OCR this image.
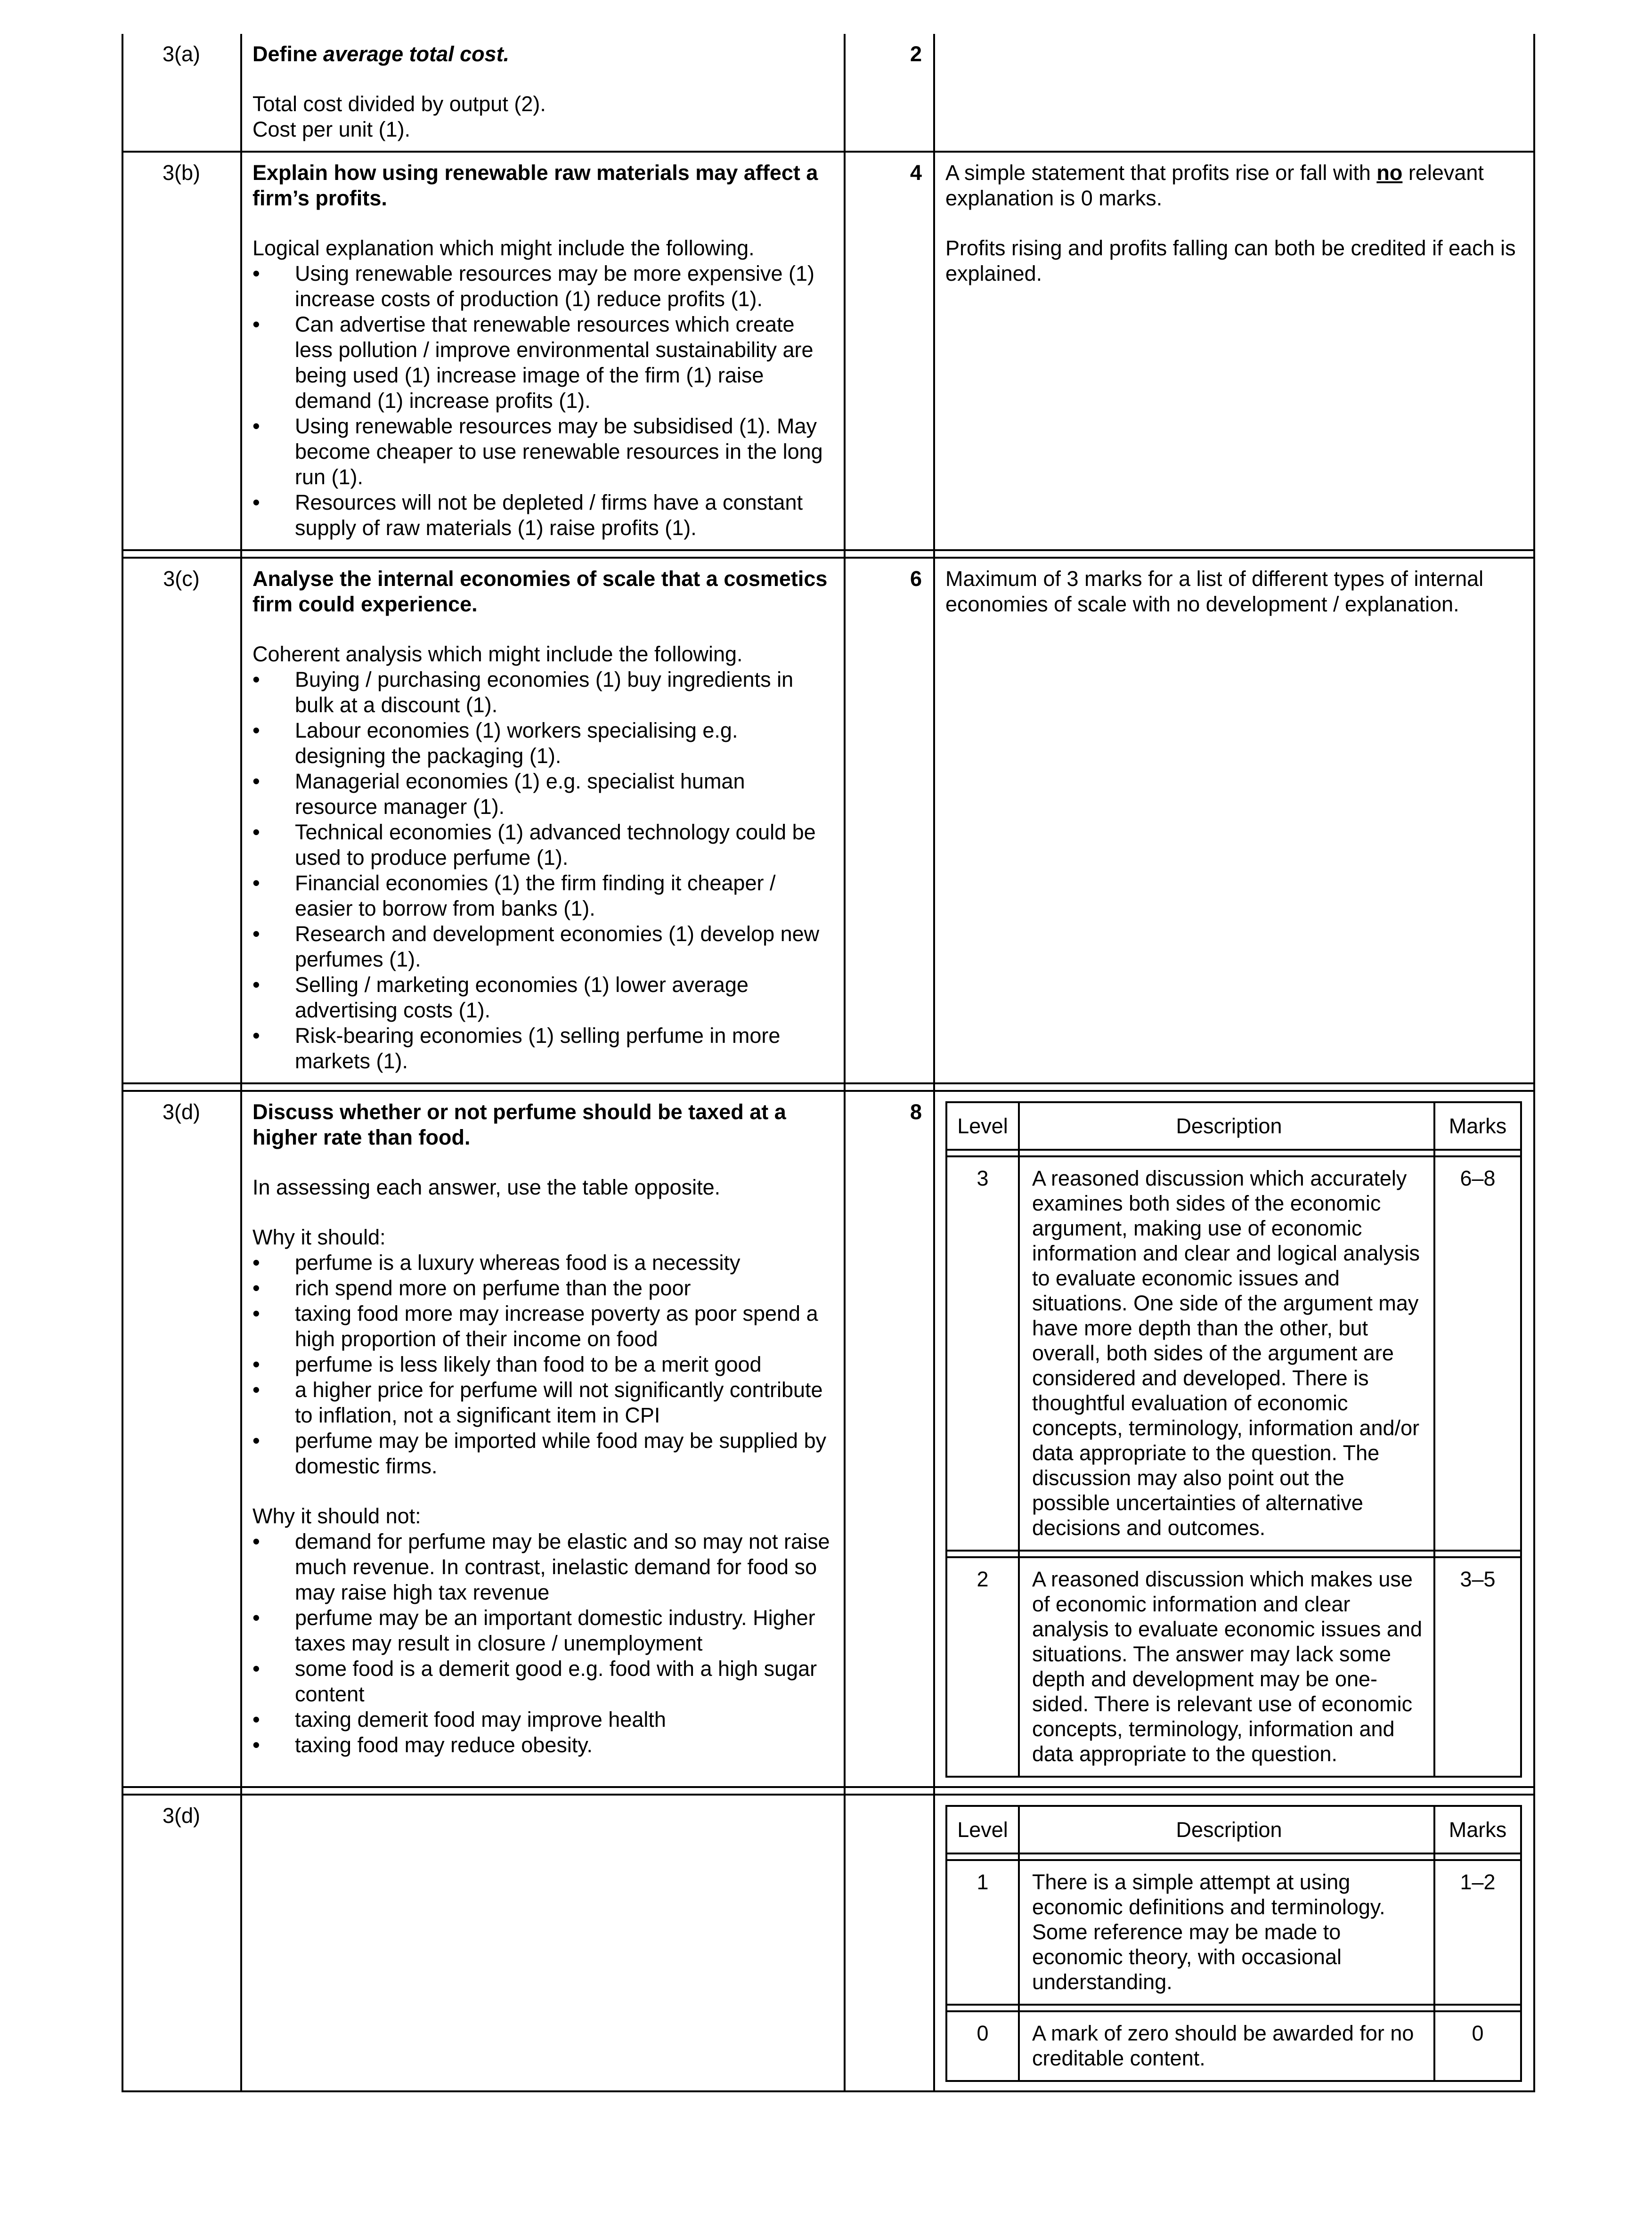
3(a)	Define average total cost.

Total cost divided by output (2).

Cost per unit (1).

	2	
3(b)	Explain how using renewable raw materials may affect a firm’s profits.

Logical explanation which might include the following.

• Using renewable resources may be more expensive (1) increase costs of production (1) reduce profits (1).
• Can advertise that renewable resources which create less pollution / improve environmental sustainability are being used (1) increase image of the firm (1) raise demand (1) increase profits (1).
• Using renewable resources may be subsidised (1). May become cheaper to use renewable resources in the long run (1).
• Resources will not be depleted / firms have a constant supply of raw materials (1) raise profits (1).
	4	A simple statement that profits rise or fall with no relevant explanation is 0 marks.

Profits rising and profits falling can both be credited if each is explained.

3(c)	Analyse the internal economies of scale that a cosmetics firm could experience.

Coherent analysis which might include the following.

• Buying / purchasing economies (1) buy ingredients in bulk at a discount (1).
• Labour economies (1) workers specialising e.g. designing the packaging (1).
• Managerial economies (1) e.g. specialist human resource manager (1).
• Technical economies (1) advanced technology could be used to produce perfume (1).
• Financial economies (1) the firm finding it cheaper / easier to borrow from banks (1).
• Research and development economies (1) develop new perfumes (1).
• Selling / marketing economies (1) lower average advertising costs (1).
• Risk-bearing economies (1) selling perfume in more markets (1).
	6	Maximum of 3 marks for a list of different types of internal economies of scale with no development / explanation.

3(d)	Discuss whether or not perfume should be taxed at a higher rate than food.

In assessing each answer, use the table opposite.

Why it should:

• perfume is a luxury whereas food is a necessity
• rich spend more on perfume than the poor
• taxing food more may increase poverty as poor spend a high proportion of their income on food
• perfume is less likely than food to be a merit good
• a higher price for perfume will not significantly contribute to inflation, not a significant item in CPI
• perfume may be imported while food may be supplied by domestic firms.

Why it should not:

• demand for perfume may be elastic and so may not raise much revenue. In contrast, inelastic demand for food so may raise high tax revenue
• perfume may be an important domestic industry. Higher taxes may result in closure / unemployment
• some food is a demerit good e.g. food with a high sugar content
• taxing demerit food may improve health
• taxing food may reduce obesity.
	8	
Level	Description	Marks

3	A reasoned discussion which accurately examines both sides of the economic argument, making use of economic information and clear and logical analysis to evaluate economic issues and situations. One side of the argument may have more depth than the other, but overall, both sides of the argument are considered and developed. There is thoughtful evaluation of economic concepts, terminology, information and/or data appropriate to the question. The discussion may also point out the possible uncertainties of alternative decisions and outcomes.	6–8

2	A reasoned discussion which makes use of economic information and clear analysis to evaluate economic issues and situations. The answer may lack some depth and development may be one-sided. There is relevant use of economic concepts, terminology, information and data appropriate to the question.	3–5

3(d)			
Level	Description	Marks

1	There is a simple attempt at using economic definitions and terminology. Some reference may be made to economic theory, with occasional understanding.	1–2

0	A mark of zero should be awarded for no creditable content.	0
